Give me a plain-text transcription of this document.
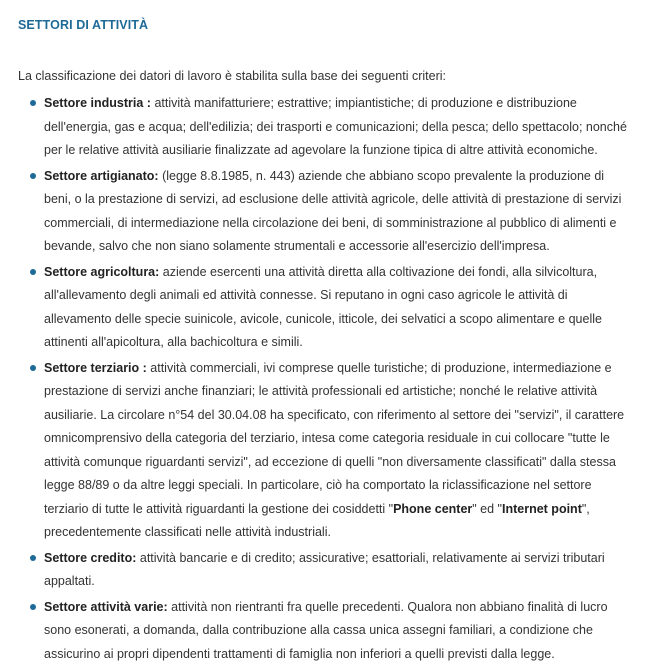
SETTORI DI ATTIVITÀ

La classificazione dei datori di lavoro è stabilita sulla base dei seguenti criteri:

Settore industria : attività manifatturiere; estrattive; impiantistiche; di produzione e distribuzione dell'energia, gas e acqua; dell'edilizia; dei trasporti e comunicazioni; della pesca; dello spettacolo; nonché per le relative attività ausiliarie finalizzate ad agevolare la funzione tipica di altre attività economiche.
Settore artigianato: (legge 8.8.1985, n. 443) aziende che abbiano scopo prevalente la produzione di beni, o la prestazione di servizi, ad esclusione delle attività agricole, delle attività di prestazione di servizi commerciali, di intermediazione nella circolazione dei beni, di somministrazione al pubblico di alimenti e bevande, salvo che non siano solamente strumentali e accessorie all'esercizio dell'impresa.
Settore agricoltura: aziende esercenti una attività diretta alla coltivazione dei fondi, alla silvicoltura, all'allevamento degli animali ed attività connesse. Si reputano in ogni caso agricole le attività di allevamento delle specie suinicole, avicole, cunicole, itticole, dei selvatici a scopo alimentare e quelle attinenti all'apicoltura, alla bachicoltura e simili.
Settore terziario : attività commerciali, ivi comprese quelle turistiche; di produzione, intermediazione e prestazione di servizi anche finanziari; le attività professionali ed artistiche; nonché le relative attività ausiliarie. La circolare n°54 del 30.04.08 ha specificato, con riferimento al settore dei "servizi", il carattere omnicomprensivo della categoria del terziario, intesa come categoria residuale in cui collocare "tutte le attività comunque riguardanti servizi", ad eccezione di quelli "non diversamente classificati" dalla stessa legge 88/89 o da altre leggi speciali. In particolare, ciò ha comportato la riclassificazione nel settore terziario di tutte le attività riguardanti la gestione dei cosiddetti "Phone center" ed "Internet point", precedentemente classificati nelle attività industriali.
Settore credito: attività bancarie e di credito; assicurative; esattoriali, relativamente ai servizi tributari appaltati.
Settore attività varie: attività non rientranti fra quelle precedenti. Qualora non abbiano finalità di lucro sono esonerati, a domanda, dalla contribuzione alla cassa unica assegni familiari, a condizione che assicurino ai propri dipendenti trattamenti di famiglia non inferiori a quelli previsti dalla legge.
